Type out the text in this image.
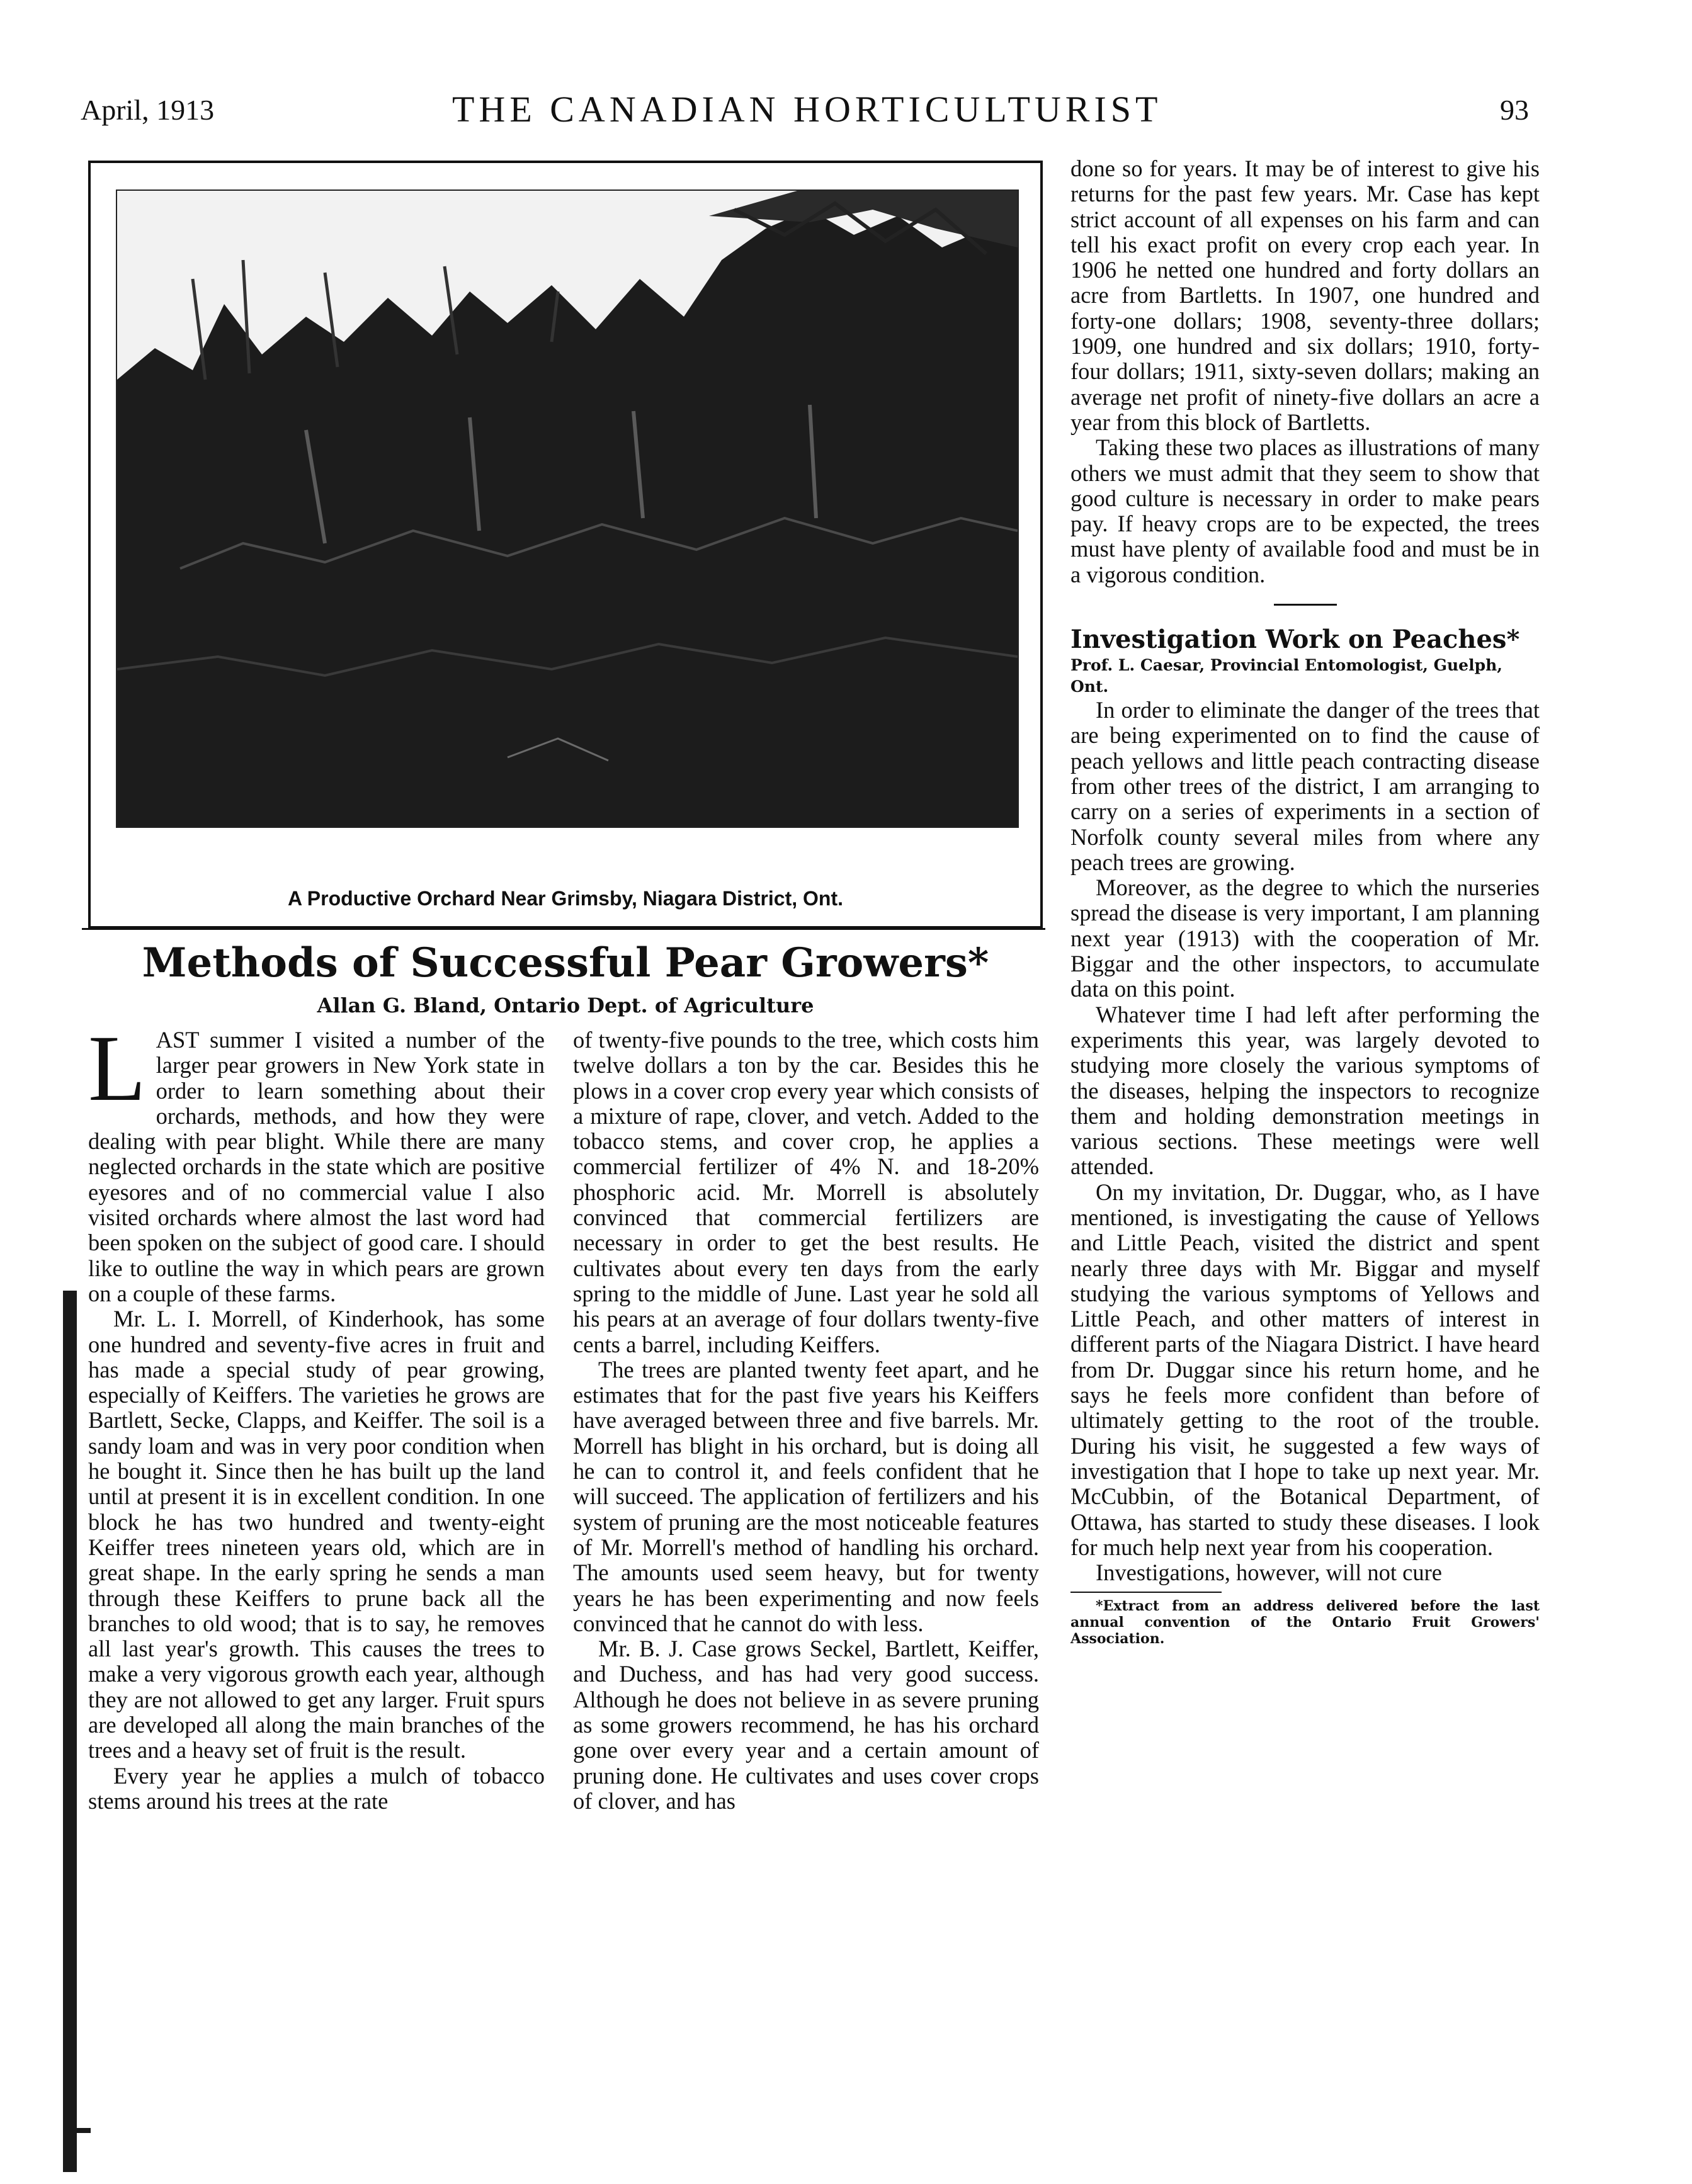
April, 1913	THE CANADIAN HORTICULTURIST	93
A Productive Orchard Near Grimsby, Niagara District, Ont.
Methods of Successful Pear Growers*
Allan G. Bland, Ontario Dept. of Agriculture

LAST summer I visited a number of the larger pear growers in New York state in order to learn something about their orchards, methods, and how they were dealing with pear blight. While there are many neglected orchards in the state which are positive eyesores and of no commercial value I also visited orchards where almost the last word had been spoken on the subject of good care. I should like to outline the way in which pears are grown on a couple of these farms.

Mr. L. I. Morrell, of Kinderhook, has some one hundred and seventy-five acres in fruit and has made a special study of pear growing, especially of Keiffers. The varieties he grows are Bartlett, Secke, Clapps, and Keiffer. The soil is a sandy loam and was in very poor condition when he bought it. Since then he has built up the land until at present it is in excellent condition. In one block he has two hundred and twenty-eight Keiffer trees nineteen years old, which are in great shape. In the early spring he sends a man through these Keiffers to prune back all the branches to old wood; that is to say, he removes all last year's growth. This causes the trees to make a very vigorous growth each year, although they are not allowed to get any larger. Fruit spurs are developed all along the main branches of the trees and a heavy set of fruit is the result.

Every year he applies a mulch of tobacco stems around his trees at the rate

of twenty-five pounds to the tree, which costs him twelve dollars a ton by the car. Besides this he plows in a cover crop every year which consists of a mixture of rape, clover, and vetch. Added to the tobacco stems, and cover crop, he applies a commercial fertilizer of 4% N. and 18-20% phosphoric acid. Mr. Morrell is absolutely convinced that commercial fertilizers are necessary in order to get the best results. He cultivates about every ten days from the early spring to the middle of June. Last year he sold all his pears at an average of four dollars twenty-five cents a barrel, including Keiffers.

The trees are planted twenty feet apart, and he estimates that for the past five years his Keiffers have averaged between three and five barrels. Mr. Morrell has blight in his orchard, but is doing all he can to control it, and feels confident that he will succeed. The application of fertilizers and his system of pruning are the most noticeable features of Mr. Morrell's method of handling his orchard. The amounts used seem heavy, but for twenty years he has been experimenting and now feels convinced that he cannot do with less.

Mr. B. J. Case grows Seckel, Bartlett, Keiffer, and Duchess, and has had very good success. Although he does not believe in as severe pruning as some growers recommend, he has his orchard gone over every year and a certain amount of pruning done. He cultivates and uses cover crops of clover, and has

done so for years. It may be of interest to give his returns for the past few years. Mr. Case has kept strict account of all expenses on his farm and can tell his exact profit on every crop each year. In 1906 he netted one hundred and forty dollars an acre from Bartletts. In 1907, one hundred and forty-one dollars; 1908, seventy-three dollars; 1909, one hundred and six dollars; 1910, forty-four dollars; 1911, sixty-seven dollars; making an average net profit of ninety-five dollars an acre a year from this block of Bartletts.

Taking these two places as illustrations of many others we must admit that they seem to show that good culture is necessary in order to make pears pay. If heavy crops are to be expected, the trees must have plenty of available food and must be in a vigorous condition.

Investigation Work on Peaches*
Prof. L. Caesar, Provincial Entomologist, Guelph, Ont.

In order to eliminate the danger of the trees that are being experimented on to find the cause of peach yellows and little peach contracting disease from other trees of the district, I am arranging to carry on a series of experiments in a section of Norfolk county several miles from where any peach trees are growing.

Moreover, as the degree to which the nurseries spread the disease is very important, I am planning next year (1913) with the cooperation of Mr. Biggar and the other inspectors, to accumulate data on this point.

Whatever time I had left after performing the experiments this year, was largely devoted to studying more closely the various symptoms of the diseases, helping the inspectors to recognize them and holding demonstration meetings in various sections. These meetings were well attended.

On my invitation, Dr. Duggar, who, as I have mentioned, is investigating the cause of Yellows and Little Peach, visited the district and spent nearly three days with Mr. Biggar and myself studying the various symptoms of Yellows and Little Peach, and other matters of interest in different parts of the Niagara District. I have heard from Dr. Duggar since his return home, and he says he feels more confident than before of ultimately getting to the root of the trouble. During his visit, he suggested a few ways of investigation that I hope to take up next year. Mr. McCubbin, of the Botanical Department, of Ottawa, has started to study these diseases. I look for much help next year from his cooperation.

Investigations, however, will not cure

*Extract from an address delivered before the last annual convention of the Ontario Fruit Growers' Association.
